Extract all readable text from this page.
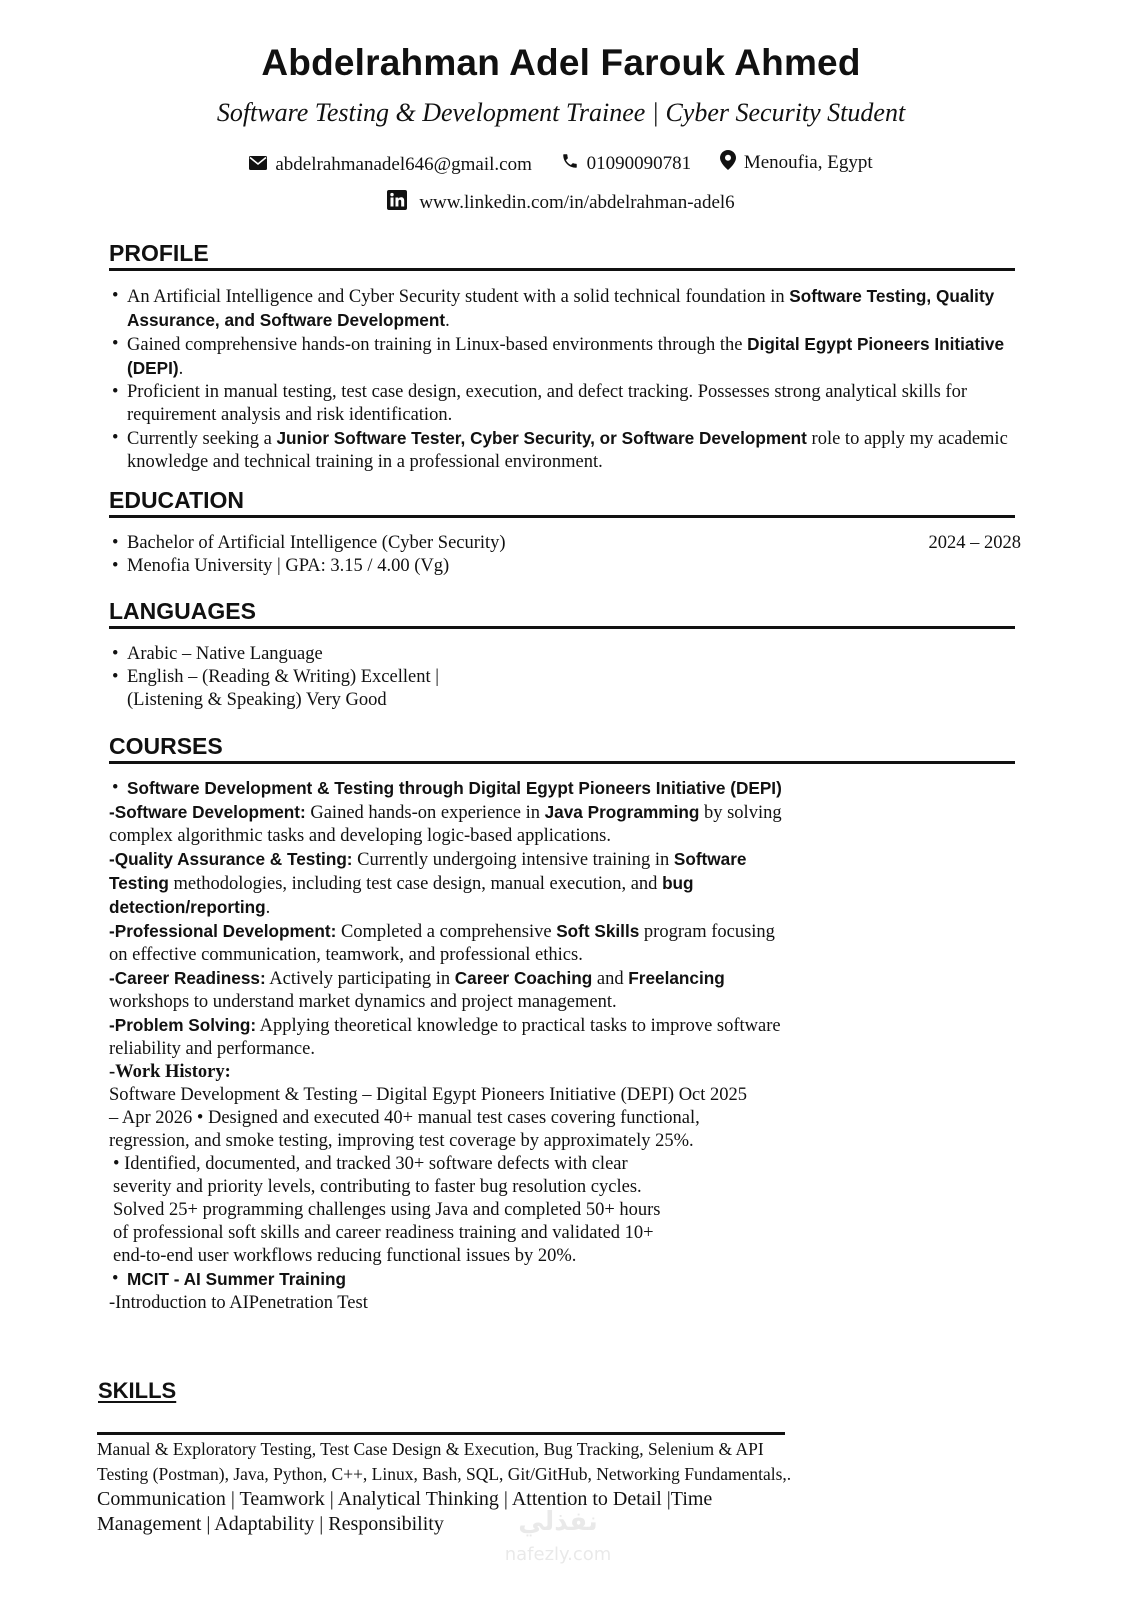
Abdelrahman Adel Farouk Ahmed
Software Testing & Development Trainee | Cyber Security Student
abdelrahmanadel646@gmail.com
	01090090781
	Menoufia, Egypt
www.linkedin.com/in/abdelrahman-adel6
PROFILE
• An Artificial Intelligence and Cyber Security student with a solid technical foundation in Software Testing, Quality Assurance, and Software Development.
• Gained comprehensive hands-on training in Linux-based environments through the Digital Egypt Pioneers Initiative (DEPI).
• Proficient in manual testing, test case design, execution, and defect tracking. Possesses strong analytical skills for requirement analysis and risk identification.
• Currently seeking a Junior Software Tester, Cyber Security, or Software Development role to apply my academic knowledge and technical training in a professional environment.
EDUCATION
• Bachelor of Artificial Intelligence (Cyber Security)	2024 – 2028
• Menofia University | GPA: 3.15 / 4.00 (Vg)
LANGUAGES
• Arabic – Native Language
• English – (Reading & Writing) Excellent |
(Listening & Speaking) Very Good
COURSES
• Software Development & Testing through Digital Egypt Pioneers Initiative (DEPI)

-Software Development: Gained hands-on experience in Java Programming by solving complex algorithmic tasks and developing logic-based applications.

-Quality Assurance & Testing: Currently undergoing intensive training in Software Testing methodologies, including test case design, manual execution, and bug detection/reporting.

-Professional Development: Completed a comprehensive Soft Skills program focusing on effective communication, teamwork, and professional ethics.

-Career Readiness: Actively participating in Career Coaching and Freelancing workshops to understand market dynamics and project management.

-Problem Solving: Applying theoretical knowledge to practical tasks to improve software reliability and performance.

-Work History:

Software Development & Testing – Digital Egypt Pioneers Initiative (DEPI) Oct 2025 – Apr 2026 • Designed and executed 40+ manual test cases covering functional, regression, and smoke testing, improving test coverage by approximately 25%.

• Identified, documented, and tracked 30+ software defects with clear severity and priority levels, contributing to faster bug resolution cycles. Solved 25+ programming challenges using Java and completed 50+ hours of professional soft skills and career readiness training and validated 10+ end-to-end user workflows reducing functional issues by 20%.

• MCIT - AI Summer Training

-Introduction to AIPenetration Test

SKILLS
Manual & Exploratory Testing, Test Case Design & Execution, Bug Tracking, Selenium & API Testing (Postman), Java, Python, C++, Linux, Bash, SQL, Git/GitHub, Networking Fundamentals,. Communication | Teamwork | Analytical Thinking | Attention to Detail |Time Management | Adaptability | Responsibility	نفذلي
nafezly.com
